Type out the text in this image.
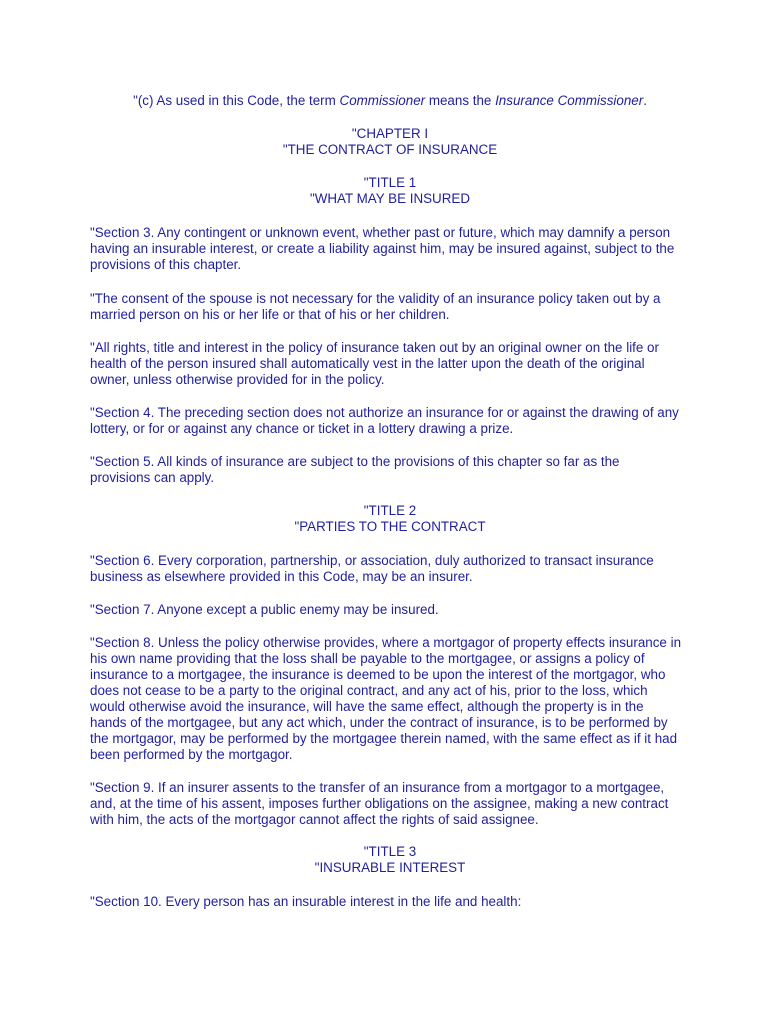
"(c) As used in this Code, the term Commissioner means the Insurance Commissioner.
"CHAPTER I
"THE CONTRACT OF INSURANCE
"TITLE 1
"WHAT MAY BE INSURED
"Section 3. Any contingent or unknown event, whether past or future, which may damnify a person having an insurable interest, or create a liability against him, may be insured against, subject to the provisions of this chapter.
"The consent of the spouse is not necessary for the validity of an insurance policy taken out by a married person on his or her life or that of his or her children.
"All rights, title and interest in the policy of insurance taken out by an original owner on the life or health of the person insured shall automatically vest in the latter upon the death of the original owner, unless otherwise provided for in the policy.
"Section 4. The preceding section does not authorize an insurance for or against the drawing of any lottery, or for or against any chance or ticket in a lottery drawing a prize.
"Section 5. All kinds of insurance are subject to the provisions of this chapter so far as the provisions can apply.
"TITLE 2
"PARTIES TO THE CONTRACT
"Section 6. Every corporation, partnership, or association, duly authorized to transact insurance business as elsewhere provided in this Code, may be an insurer.
"Section 7. Anyone except a public enemy may be insured.
"Section 8. Unless the policy otherwise provides, where a mortgagor of property effects insurance in his own name providing that the loss shall be payable to the mortgagee, or assigns a policy of insurance to a mortgagee, the insurance is deemed to be upon the interest of the mortgagor, who does not cease to be a party to the original contract, and any act of his, prior to the loss, which would otherwise avoid the insurance, will have the same effect, although the property is in the hands of the mortgagee, but any act which, under the contract of insurance, is to be performed by the mortgagor, may be performed by the mortgagee therein named, with the same effect as if it had been performed by the mortgagor.
"Section 9. If an insurer assents to the transfer of an insurance from a mortgagor to a mortgagee, and, at the time of his assent, imposes further obligations on the assignee, making a new contract with him, the acts of the mortgagor cannot affect the rights of said assignee.
"TITLE 3
"INSURABLE INTEREST
"Section 10. Every person has an insurable interest in the life and health:
